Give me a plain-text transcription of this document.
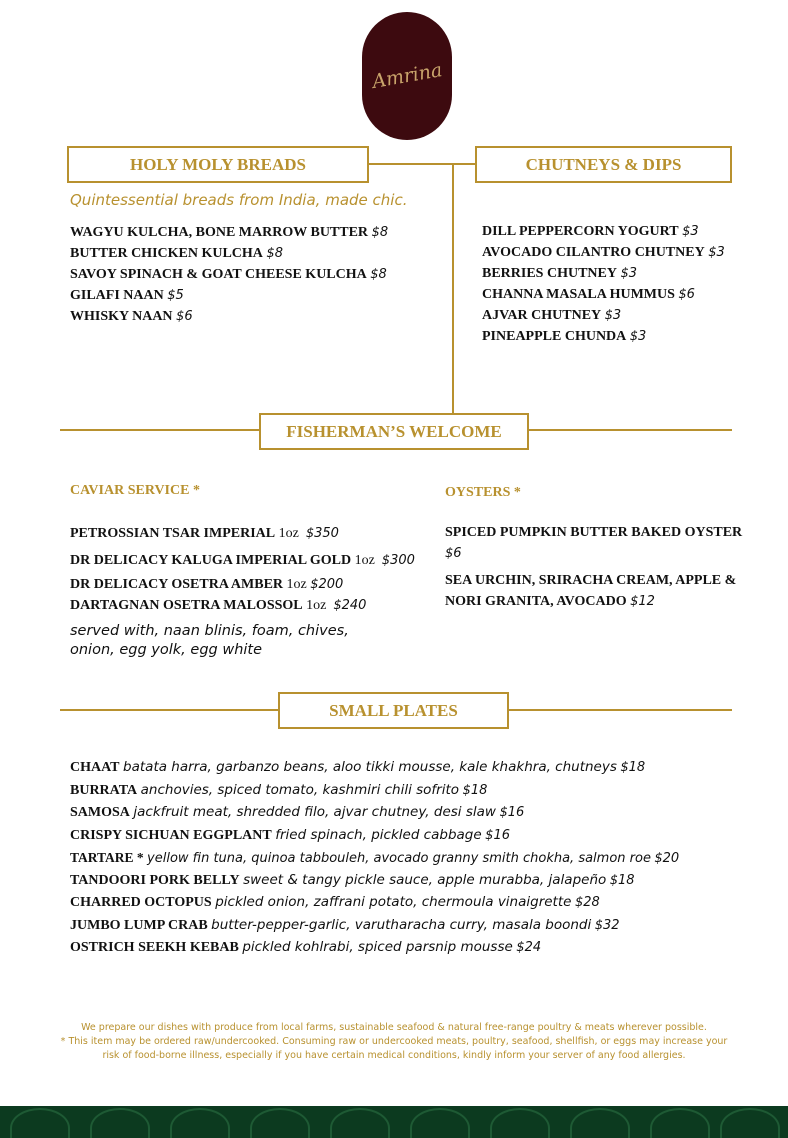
Amrina
HOLY MOLY BREADS	CHUTNEYS & DIPS
FISHERMAN’S WELCOME
SMALL PLATES
Quintessential breads from India, made chic.
WAGYU KULCHA, BONE MARROW BUTTER $8
BUTTER CHICKEN KULCHA $8
SAVOY SPINACH & GOAT CHEESE KULCHA $8
GILAFI NAAN $5
WHISKY NAAN $6
DILL PEPPERCORN YOGURT $3
AVOCADO CILANTRO CHUTNEY $3
BERRIES CHUTNEY $3
CHANNA MASALA HUMMUS $6
AJVAR CHUTNEY $3
PINEAPPLE CHUNDA $3
CAVIAR SERVICE *
PETROSSIAN TSAR IMPERIAL 1oz $350
DR DELICACY KALUGA IMPERIAL GOLD 1oz $300
DR DELICACY OSETRA AMBER 1oz $200
DARTAGNAN OSETRA MALOSSOL 1oz $240
served with, naan blinis, foam, chives,
onion, egg yolk, egg white
OYSTERS *
SPICED PUMPKIN BUTTER BAKED OYSTER
$6
SEA URCHIN, SRIRACHA CREAM, APPLE &
NORI GRANITA, AVOCADO $12
CHAAT batata harra, garbanzo beans, aloo tikki mousse, kale khakhra, chutneys $18
BURRATA anchovies, spiced tomato, kashmiri chili sofrito $18
SAMOSA jackfruit meat, shredded filo, ajvar chutney, desi slaw $16
CRISPY SICHUAN EGGPLANT fried spinach, pickled cabbage $16
TARTARE * yellow fin tuna, quinoa tabbouleh, avocado granny smith chokha, salmon roe $20
TANDOORI PORK BELLY sweet & tangy pickle sauce, apple murabba, jalapeño $18
CHARRED OCTOPUS pickled onion, zaffrani potato, chermoula vinaigrette $28
JUMBO LUMP CRAB butter-pepper-garlic, varutharacha curry, masala boondi $32
OSTRICH SEEKH KEBAB pickled kohlrabi, spiced parsnip mousse $24
We prepare our dishes with produce from local farms, sustainable seafood & natural free-range poultry & meats wherever possible.
* This item may be ordered raw/undercooked. Consuming raw or undercooked meats, poultry, seafood, shellfish, or eggs may increase your
risk of food-borne illness, especially if you have certain medical conditions, kindly inform your server of any food allergies.
